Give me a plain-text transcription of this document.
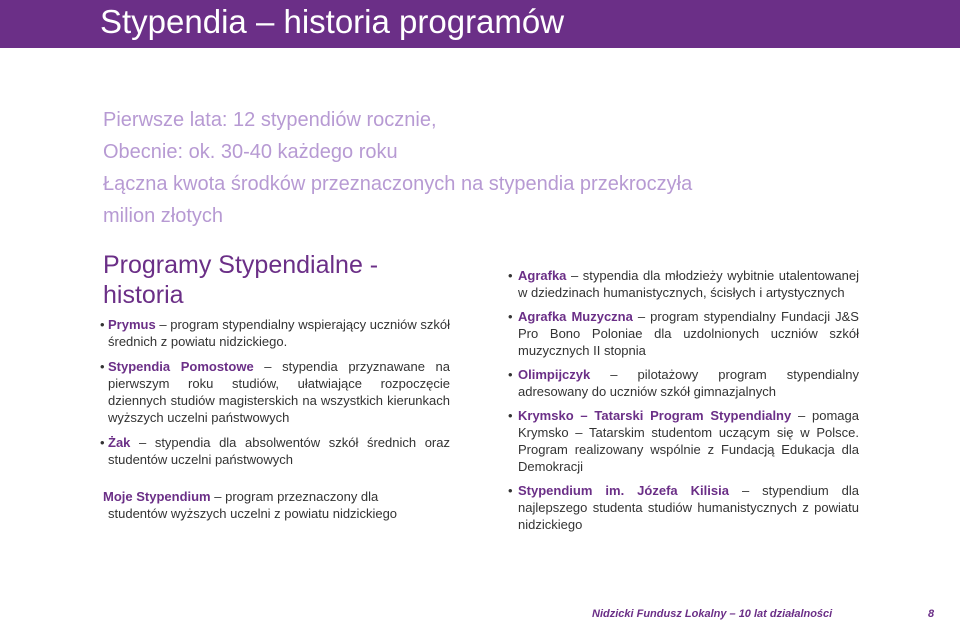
Stypendia – historia programów
Pierwsze lata: 12 stypendiów rocznie,
Obecnie: ok. 30-40 każdego roku
Łączna kwota środków przeznaczonych na stypendia przekroczyła
milion złotych
Programy Stypendialne - historia
• Prymus – program stypendialny wspierający uczniów szkół średnich z powiatu nidzickiego.
• Stypendia Pomostowe – stypendia przyznawane na pierwszym roku studiów, ułatwiające rozpoczęcie dziennych studiów magisterskich na wszystkich kierunkach wyższych uczelni państwowych
• Żak – stypendia dla absolwentów szkół średnich oraz studentów uczelni państwowych
Moje Stypendium – program przeznaczony dla
studentów wyższych uczelni z powiatu nidzickiego
• Agrafka – stypendia dla młodzieży wybitnie utalentowanej w dziedzinach humanistycznych, ścisłych i artystycznych
• Agrafka Muzyczna – program stypendialny Fundacji J&S Pro Bono Poloniae dla uzdolnionych uczniów szkół muzycznych II stopnia
• Olimpijczyk – pilotażowy program stypendialny adresowany do uczniów szkół gimnazjalnych
• Krymsko – Tatarski Program Stypendialny – pomaga Krymsko – Tatarskim studentom uczącym się w Polsce. Program realizowany wspólnie z Fundacją Edukacja dla Demokracji
• Stypendium im. Józefa Kilisia – stypendium dla najlepszego studenta studiów humanistycznych z powiatu nidzickiego
Nidzicki Fundusz Lokalny – 10 lat działalności	8
